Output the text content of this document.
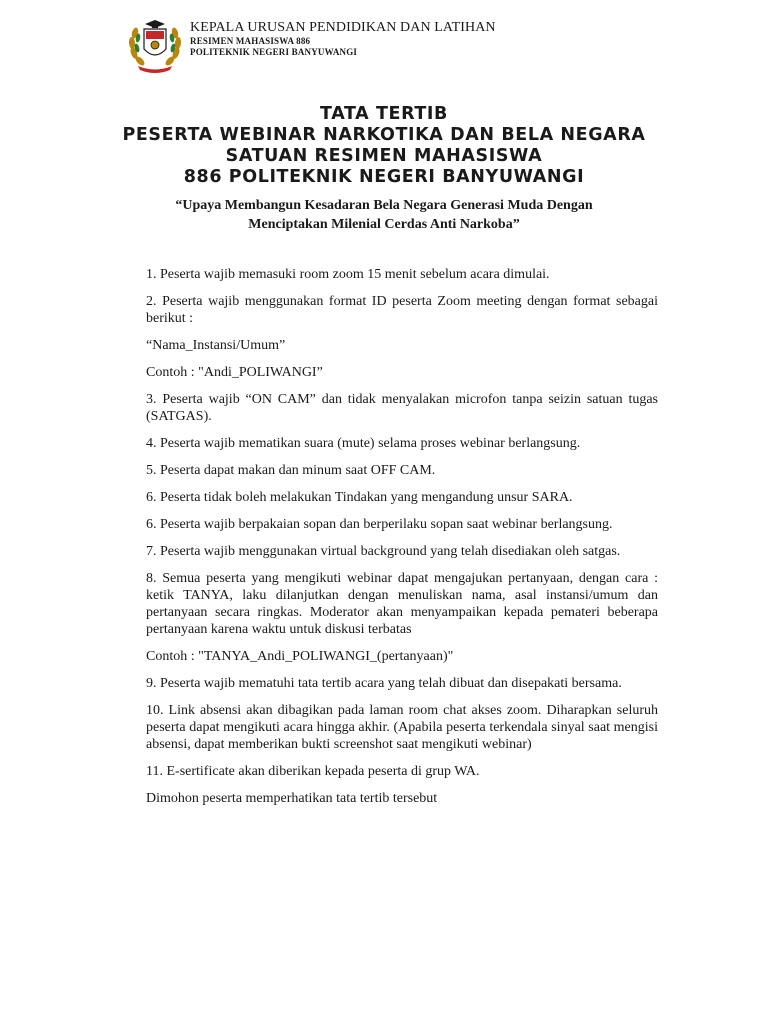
KEPALA URUSAN PENDIDIKAN DAN LATIHAN
RESIMEN MAHASISWA 886
POLITEKNIK NEGERI BANYUWANGI
TATA TERTIB
PESERTA WEBINAR NARKOTIKA DAN BELA NEGARA
SATUAN RESIMEN MAHASISWA
886 POLITEKNIK NEGERI BANYUWANGI
“Upaya Membangun Kesadaran Bela Negara Generasi Muda Dengan
Menciptakan Milenial Cerdas Anti Narkoba”

1. Peserta wajib memasuki room zoom 15 menit sebelum acara dimulai.

2. Peserta wajib menggunakan format ID peserta Zoom meeting dengan format sebagai berikut :

“Nama_Instansi/Umum”

Contoh : "Andi_POLIWANGI”

3. Peserta wajib “ON CAM” dan tidak menyalakan microfon tanpa seizin satuan tugas (SATGAS).

4. Peserta wajib mematikan suara (mute) selama proses webinar berlangsung.

5. Peserta dapat makan dan minum saat OFF CAM.

6. Peserta tidak boleh melakukan Tindakan yang mengandung unsur SARA.

6. Peserta wajib berpakaian sopan dan berperilaku sopan saat webinar berlangsung.

7. Peserta wajib menggunakan virtual background yang telah disediakan oleh satgas.

8. Semua peserta yang mengikuti webinar dapat mengajukan pertanyaan, dengan cara : ketik TANYA, laku dilanjutkan dengan menuliskan nama, asal instansi/umum dan pertanyaan secara ringkas. Moderator akan menyampaikan kepada pemateri beberapa pertanyaan karena waktu untuk diskusi terbatas

Contoh : "TANYA_Andi_POLIWANGI_(pertanyaan)"

9. Peserta wajib mematuhi tata tertib acara yang telah dibuat dan disepakati bersama.

10. Link absensi akan dibagikan pada laman room chat akses zoom. Diharapkan seluruh peserta dapat mengikuti acara hingga akhir. (Apabila peserta terkendala sinyal saat mengisi absensi, dapat memberikan bukti screenshot saat mengikuti webinar)

11. E-sertificate akan diberikan kepada peserta di grup WA.

Dimohon peserta memperhatikan tata tertib tersebut
